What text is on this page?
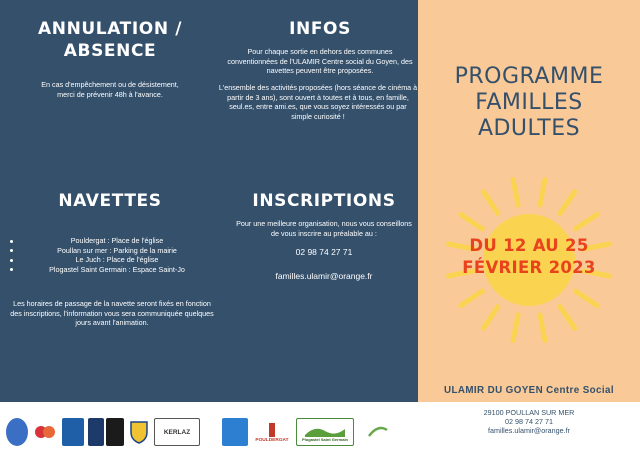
ANNULATION /
ABSENCE
En cas d'empêchement ou de désistement, merci de prévenir 48h à l'avance.
INFOS
Pour chaque sortie en dehors des communes conventionnées de l'ULAMIR Centre social du Goyen, des navettes peuvent être proposées.
L'ensemble des activités proposées (hors séance de cinéma à partir de 3 ans), sont ouvert à toutes et à tous, en famille, seul.es, entre ami.es, que vous soyez intéressés ou par simple curiosité !
NAVETTES
Pouldergat : Place de l'église
Poullan sur mer : Parking de la mairie
Le Juch : Place de l'église
Plogastel Saint Germain : Espace Saint-Jo
Les horaires de passage de la navette seront fixés en fonction des inscriptions, l'information vous sera communiquée quelques jours avant l'animation.
INSCRIPTIONS
Pour une meilleure organisation, nous vous conseillons de vous inscrire au préalable au :
02 98 74 27 71
familles.ulamir@orange.fr
PROGRAMME
FAMILLES
ADULTES
DU 12 AU 25
FÉVRIER 2023
ULAMIR DU GOYEN Centre Social
29100 POULLAN SUR MER
02 98 74 27 71
familles.ulamir@orange.fr
KERLAZ
POULDERGAT	Plogastel Saint Germain
